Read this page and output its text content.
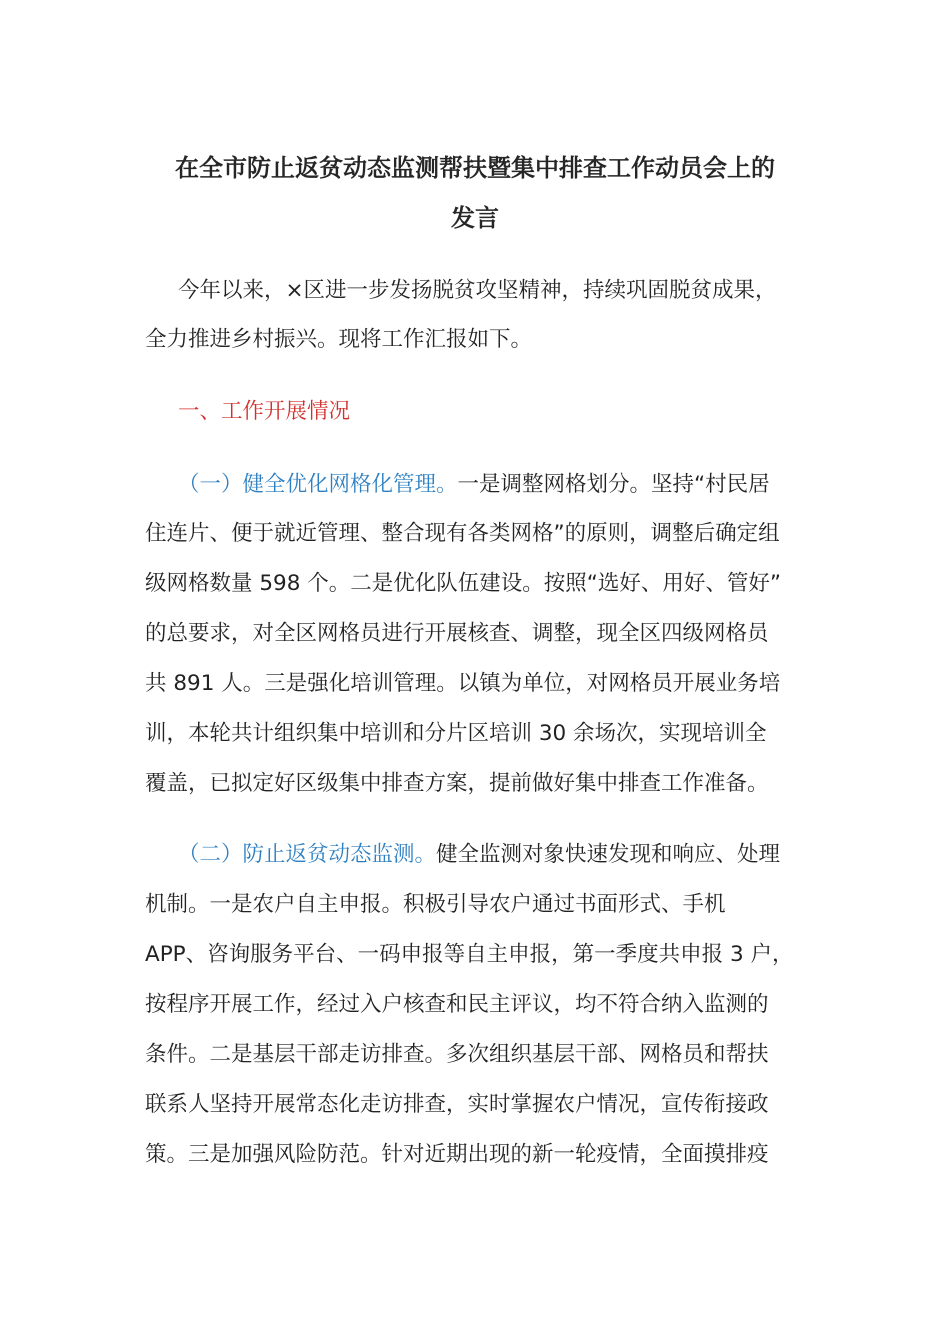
在全市防止返贫动态监测帮扶暨集中排查工作动员会上的
发言
今年以来，×区进一步发扬脱贫攻坚精神，持续巩固脱贫成果，
全力推进乡村振兴。现将工作汇报如下。
一、工作开展情况
（一）健全优化网格化管理。一是调整网格划分。坚持“村民居
住连片、便于就近管理、整合现有各类网格”的原则，调整后确定组
级网格数量 598 个。二是优化队伍建设。按照“选好、用好、管好”
的总要求，对全区网格员进行开展核查、调整，现全区四级网格员
共 891 人。三是强化培训管理。以镇为单位，对网格员开展业务培
训，本轮共计组织集中培训和分片区培训 30 余场次，实现培训全
覆盖，已拟定好区级集中排查方案，提前做好集中排查工作准备。
（二）防止返贫动态监测。健全监测对象快速发现和响应、处理
机制。一是农户自主申报。积极引导农户通过书面形式、手机
APP、咨询服务平台、一码申报等自主申报，第一季度共申报 3 户，
按程序开展工作，经过入户核查和民主评议，均不符合纳入监测的
条件。二是基层干部走访排查。多次组织基层干部、网格员和帮扶
联系人坚持开展常态化走访排查，实时掌握农户情况，宣传衔接政
策。三是加强风险防范。针对近期出现的新一轮疫情，全面摸排疫
